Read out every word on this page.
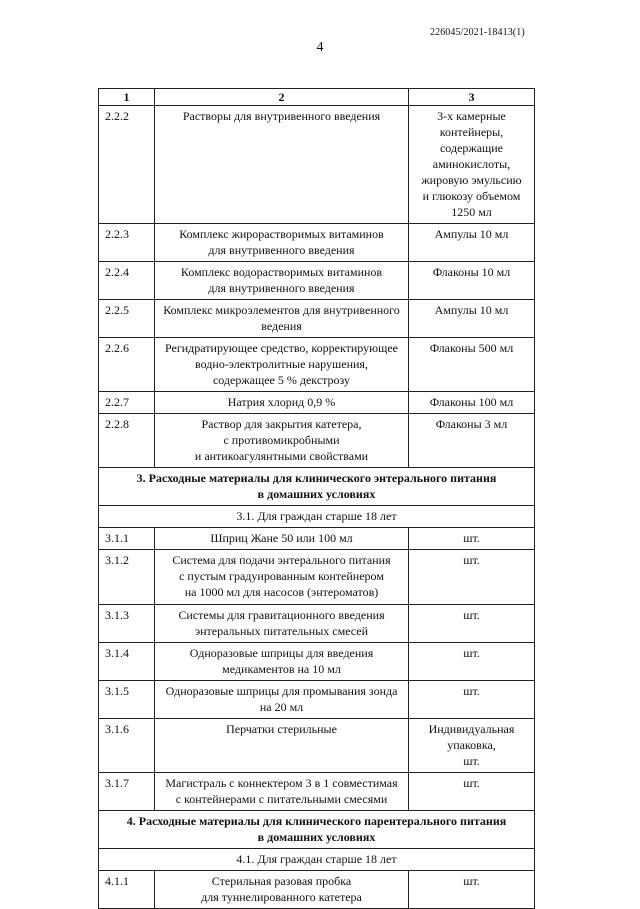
226045/2021-18413(1)
4
1	2	3
2.2.2	Растворы для внутривенного введения	3-х камерные контейнеры,
содержащие аминокислоты,
жировую эмульсию
и глюкозу объемом
1250 мл
2.2.3	Комплекс жирорастворимых витаминов
для внутривенного введения	Ампулы 10 мл
2.2.4	Комплекс водорастворимых витаминов
для внутривенного введения	Флаконы 10 мл
2.2.5	Комплекс микроэлементов для внутривенного
ведения	Ампулы 10 мл
2.2.6	Регидратирующее средство, корректирующее
водно-электролитные нарушения,
содержащее 5 % декстрозу	Флаконы 500 мл
2.2.7	Натрия хлорид 0,9 %	Флаконы 100 мл
2.2.8	Раствор для закрытия катетера,
с противомикробными
и антикоагулянтными свойствами	Флаконы 3 мл
3. Расходные материалы для клинического энтерального питания
в домашних условиях		
3.1. Для граждан старше 18 лет		
3.1.1	Шприц Жане 50 или 100 мл	шт.
3.1.2	Система для подачи энтерального питания
с пустым градуированным контейнером
на 1000 мл для насосов (энтероматов)	шт.
3.1.3	Системы для гравитационного введения
энтеральных питательных смесей	шт.
3.1.4	Одноразовые шприцы для введения
медикаментов на 10 мл	шт.
3.1.5	Одноразовые шприцы для промывания зонда
на 20 мл	шт.
3.1.6	Перчатки стерильные	Индивидуальная упаковка,
шт.
3.1.7	Магистраль с коннектером 3 в 1 совместимая
с контейнерами с питательными смесями	шт.
4. Расходные материалы для клинического парентерального питания
в домашних условиях		
4.1. Для граждан старше 18 лет		
4.1.1	Стерильная разовая пробка
для туннелированного катетера	шт.
